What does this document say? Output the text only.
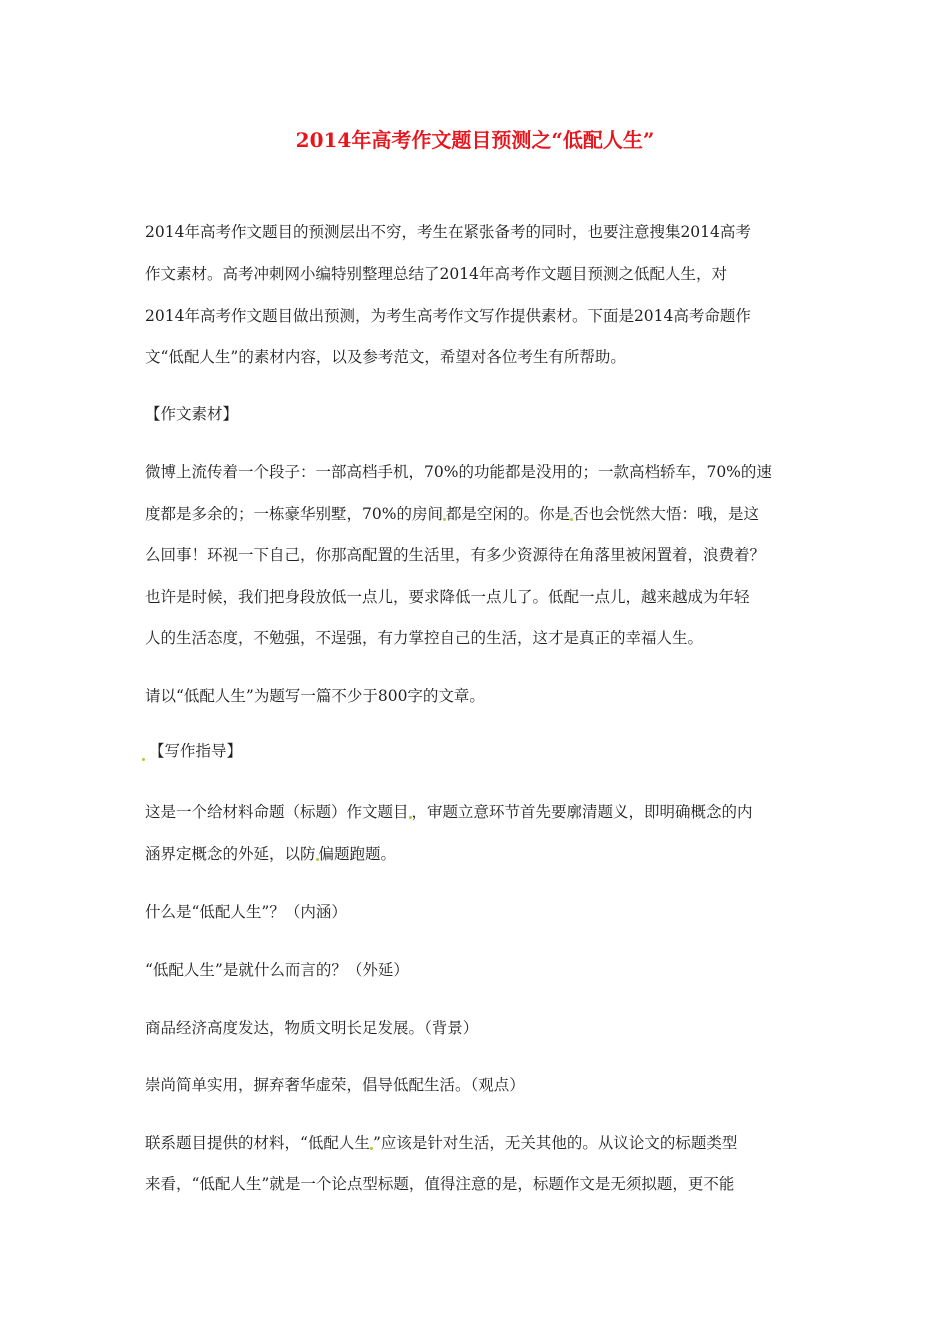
2014年高考作文题目预测之“低配人生”
2014年高考作文题目的预测层出不穷，考生在紧张备考的同时，也要注意搜集2014高考
作文素材。高考冲刺网小编特别整理总结了2014年高考作文题目预测之低配人生，对
2014年高考作文题目做出预测，为考生高考作文写作提供素材。下面是2014高考命题作
文“低配人生”的素材内容，以及参考范文，希望对各位考生有所帮助。
【作文素材】
微博上流传着一个段子：一部高档手机，70%的功能都是没用的；一款高档轿车，70%的速
度都是多余的；一栋豪华别墅，70%的房间 都是空闲的。你是 否也会恍然大悟：哦，是这
么回事！环视一下自己，你那高配置的生活里，有多少资源待在角落里被闲置着，浪费着？
也许是时候，我们把身段放低一点儿，要求降低一点儿了。低配一点儿，越来越成为年轻
人的生活态度，不勉强，不逞强，有力掌控自己的生活，这才是真正的幸福人生。
请以“低配人生”为题写一篇不少于800字的文章。
【写作指导】
这是一个给材料命题（标题）作文题目 ，审题立意环节首先要廓清题义，即明确概念的内
涵界定概念的外延，以防 偏题跑题。
什么是“低配人生”？（内涵）
“低配人生”是就什么而言的？（外延）
商品经济高度发达，物质文明长足发展。（背景）
崇尚简单实用，摒弃奢华虚荣，倡导低配生活。（观点）
联系题目提供的材料，“低配人生 ”应该是针对生活，无关其他的。从议论文的标题类型
来看，“低配人生”就是一个论点型标题，值得注意的是，标题作文是无须拟题，更不能
